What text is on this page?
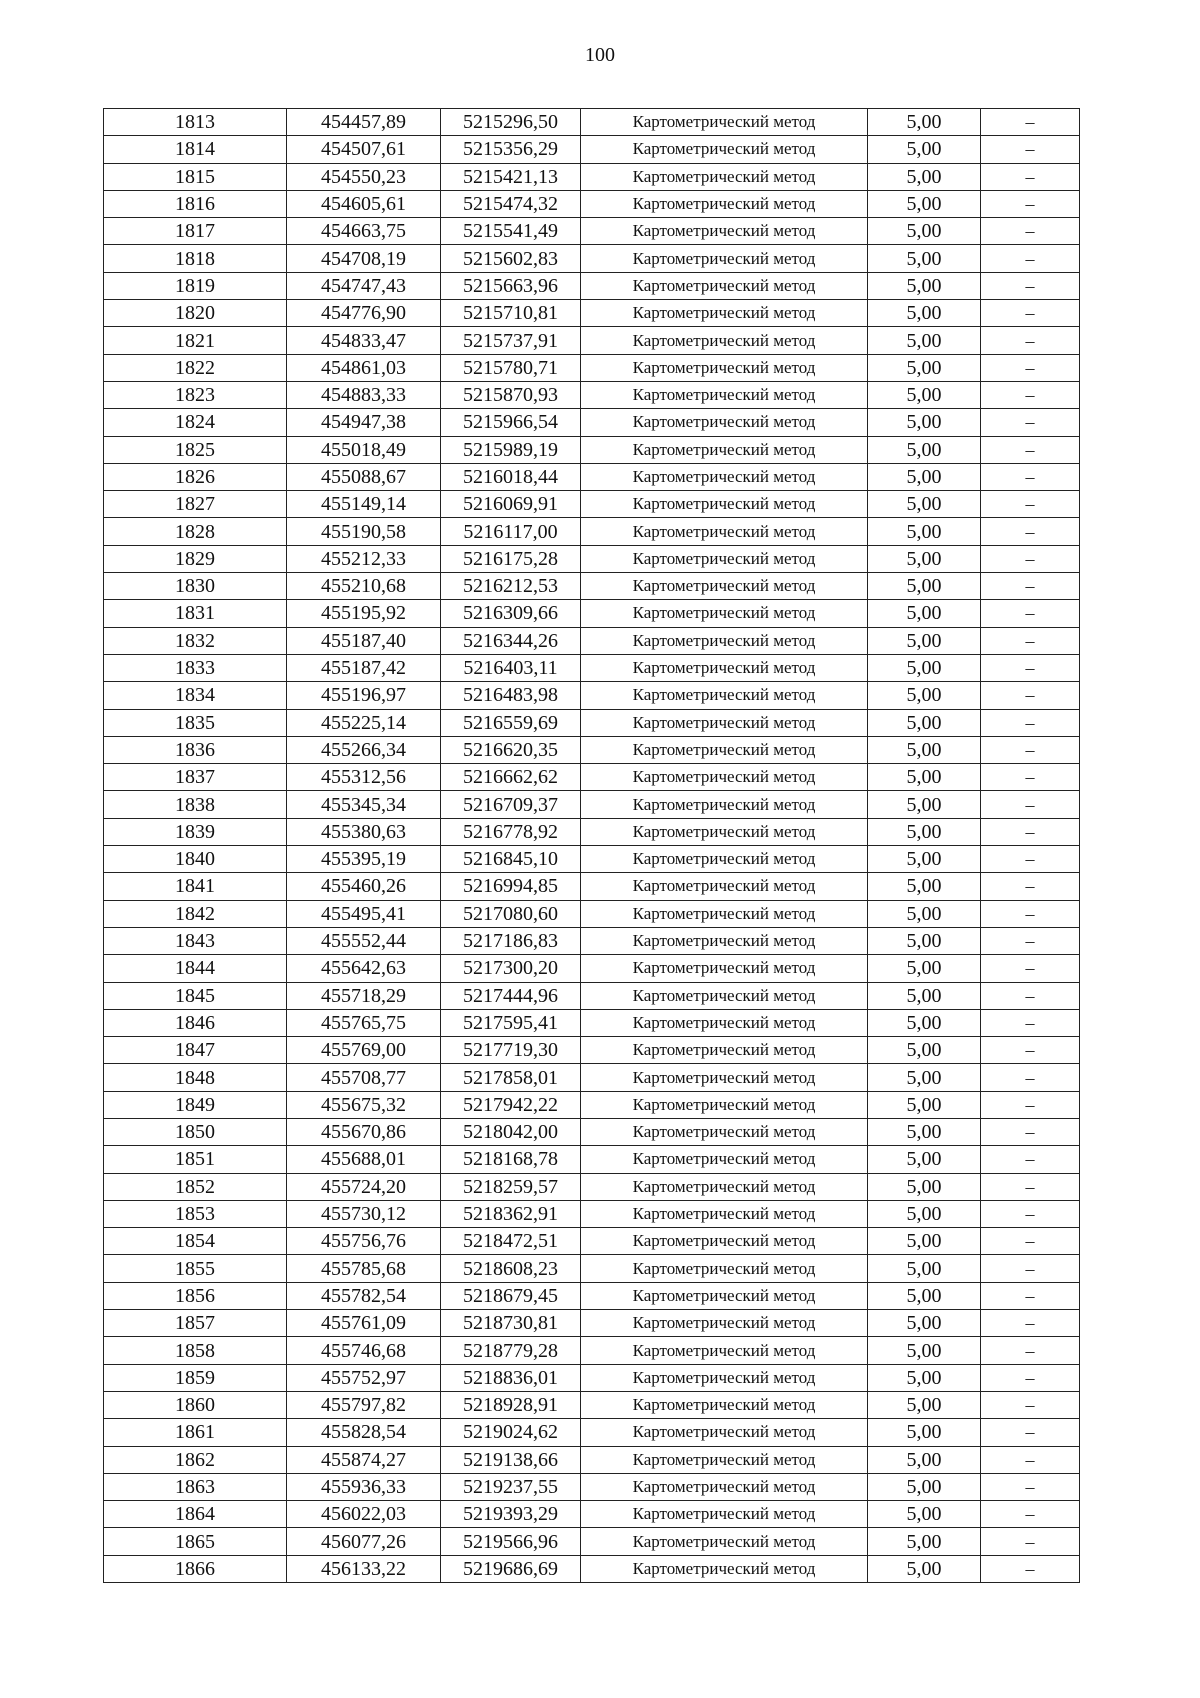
100
1813	454457,89	5215296,50	Картометрический метод	5,00	–
1814	454507,61	5215356,29	Картометрический метод	5,00	–
1815	454550,23	5215421,13	Картометрический метод	5,00	–
1816	454605,61	5215474,32	Картометрический метод	5,00	–
1817	454663,75	5215541,49	Картометрический метод	5,00	–
1818	454708,19	5215602,83	Картометрический метод	5,00	–
1819	454747,43	5215663,96	Картометрический метод	5,00	–
1820	454776,90	5215710,81	Картометрический метод	5,00	–
1821	454833,47	5215737,91	Картометрический метод	5,00	–
1822	454861,03	5215780,71	Картометрический метод	5,00	–
1823	454883,33	5215870,93	Картометрический метод	5,00	–
1824	454947,38	5215966,54	Картометрический метод	5,00	–
1825	455018,49	5215989,19	Картометрический метод	5,00	–
1826	455088,67	5216018,44	Картометрический метод	5,00	–
1827	455149,14	5216069,91	Картометрический метод	5,00	–
1828	455190,58	5216117,00	Картометрический метод	5,00	–
1829	455212,33	5216175,28	Картометрический метод	5,00	–
1830	455210,68	5216212,53	Картометрический метод	5,00	–
1831	455195,92	5216309,66	Картометрический метод	5,00	–
1832	455187,40	5216344,26	Картометрический метод	5,00	–
1833	455187,42	5216403,11	Картометрический метод	5,00	–
1834	455196,97	5216483,98	Картометрический метод	5,00	–
1835	455225,14	5216559,69	Картометрический метод	5,00	–
1836	455266,34	5216620,35	Картометрический метод	5,00	–
1837	455312,56	5216662,62	Картометрический метод	5,00	–
1838	455345,34	5216709,37	Картометрический метод	5,00	–
1839	455380,63	5216778,92	Картометрический метод	5,00	–
1840	455395,19	5216845,10	Картометрический метод	5,00	–
1841	455460,26	5216994,85	Картометрический метод	5,00	–
1842	455495,41	5217080,60	Картометрический метод	5,00	–
1843	455552,44	5217186,83	Картометрический метод	5,00	–
1844	455642,63	5217300,20	Картометрический метод	5,00	–
1845	455718,29	5217444,96	Картометрический метод	5,00	–
1846	455765,75	5217595,41	Картометрический метод	5,00	–
1847	455769,00	5217719,30	Картометрический метод	5,00	–
1848	455708,77	5217858,01	Картометрический метод	5,00	–
1849	455675,32	5217942,22	Картометрический метод	5,00	–
1850	455670,86	5218042,00	Картометрический метод	5,00	–
1851	455688,01	5218168,78	Картометрический метод	5,00	–
1852	455724,20	5218259,57	Картометрический метод	5,00	–
1853	455730,12	5218362,91	Картометрический метод	5,00	–
1854	455756,76	5218472,51	Картометрический метод	5,00	–
1855	455785,68	5218608,23	Картометрический метод	5,00	–
1856	455782,54	5218679,45	Картометрический метод	5,00	–
1857	455761,09	5218730,81	Картометрический метод	5,00	–
1858	455746,68	5218779,28	Картометрический метод	5,00	–
1859	455752,97	5218836,01	Картометрический метод	5,00	–
1860	455797,82	5218928,91	Картометрический метод	5,00	–
1861	455828,54	5219024,62	Картометрический метод	5,00	–
1862	455874,27	5219138,66	Картометрический метод	5,00	–
1863	455936,33	5219237,55	Картометрический метод	5,00	–
1864	456022,03	5219393,29	Картометрический метод	5,00	–
1865	456077,26	5219566,96	Картометрический метод	5,00	–
1866	456133,22	5219686,69	Картометрический метод	5,00	–
